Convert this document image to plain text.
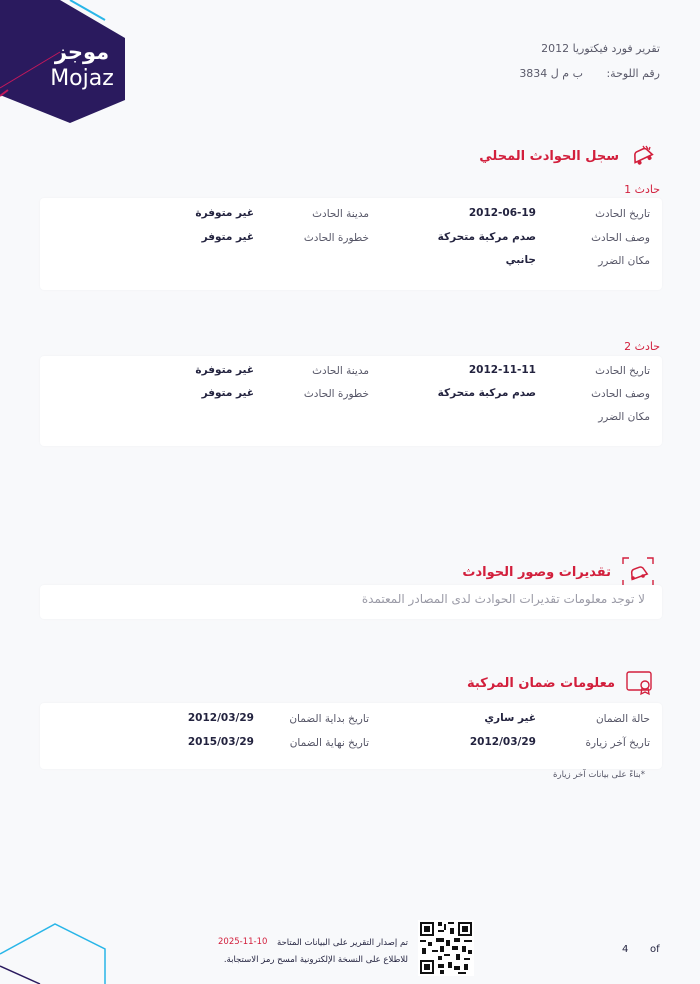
موجز
Mojaz
تقرير فورد فيكتوريا 2012
رقم اللوحة: ب م ل 3834
سجل الحوادث المحلي
حادث 1
تاريخ الحادث
2012-06-19
مدينة الحادث
غير متوفرة
وصف الحادث
صدم مركبة متحركة
خطورة الحادث
غير متوفر
مكان الضرر
جانبي
حادث 2
تاريخ الحادث
2012-11-11
مدينة الحادث
غير متوفرة
وصف الحادث
صدم مركبة متحركة
خطورة الحادث
غير متوفر
مكان الضرر
تقديرات وصور الحوادث
لا توجد معلومات تقديرات الحوادث لدى المصادر المعتمدة
معلومات ضمان المركبة
حالة الضمان
غير ساري
تاريخ بداية الضمان
2012/03/29
تاريخ آخر زيارة
2012/03/29
تاريخ نهاية الضمان
2015/03/29
*بناءً على بيانات آخر زيارة
تم إصدار التقرير على البيانات المتاحة
2025-11-10
للاطلاع على النسخة الإلكترونية امسح رمز الاستجابة.
4 of
